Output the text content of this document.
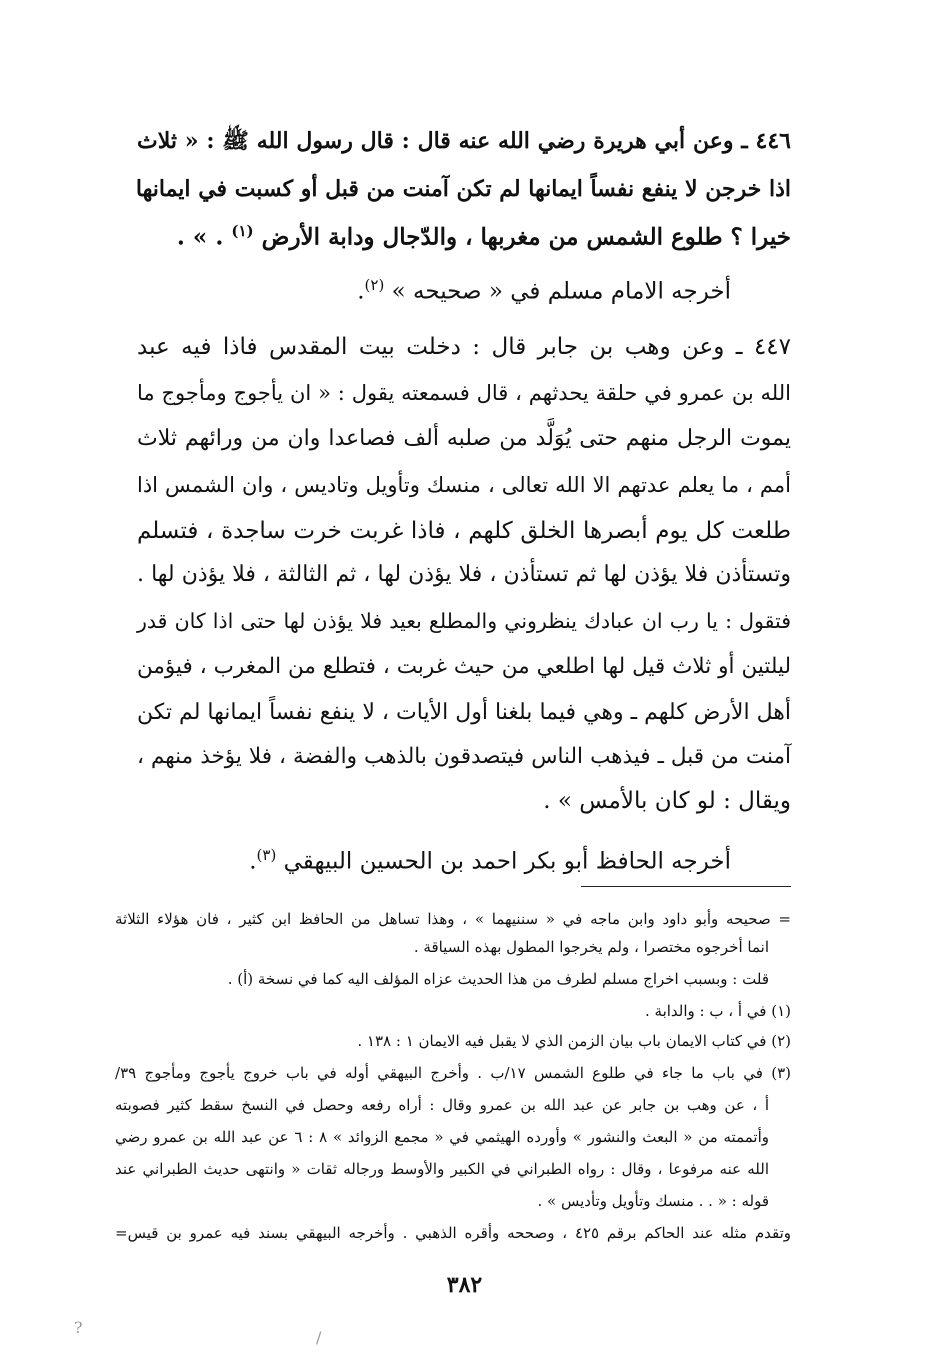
٤٤٦ ـ وعن أبي هريرة رضي الله عنه قال : قال رسول الله ﷺ : « ثلاث
اذا خرجن لا ينفع نفساً ايمانها لم تكن آمنت من قبل أو كسبت في ايمانها
خيرا ؟ طلوع الشمس من مغربها ، والدّجال ودابة الأرض $^{(١)}$ . » .
أخرجه الامام مسلم في « صحيحه » $^{(٢)}$.
٤٤٧ ـ وعن وهب بن جابر قال : دخلت بيت المقدس فاذا فيه عبد
الله بن عمرو في حلقة يحدثهم ، قال فسمعته يقول : « ان يأجوج ومأجوج ما
يموت الرجل منهم حتى يُوَلَّد من صلبه ألف فصاعدا وان من ورائهم ثلاث
أمم ، ما يعلم عدتهم الا الله تعالى ، منسك وتأويل وتاديس ، وان الشمس اذا
طلعت كل يوم أبصرها الخلق كلهم ، فاذا غربت خرت ساجدة ، فتسلم
وتستأذن فلا يؤذن لها ثم تستأذن ، فلا يؤذن لها ، ثم الثالثة ، فلا يؤذن لها .
فتقول : يا رب ان عبادك ينظروني والمطلع بعيد فلا يؤذن لها حتى اذا كان قدر
ليلتين أو ثلاث قيل لها اطلعي من حيث غربت ، فتطلع من المغرب ، فيؤمن
أهل الأرض كلهم ـ وهي فيما بلغنا أول الأيات ، لا ينفع نفساً ايمانها لم تكن
آمنت من قبل ـ فيذهب الناس فيتصدقون بالذهب والفضة ، فلا يؤخذ منهم ،
ويقال : لو كان بالأمس » .
أخرجه الحافظ أبو بكر احمد بن الحسين البيهقي $^{(٣)}$.
= صحيحه وأبو داود وابن ماجه في « سننيهما » ، وهذا تساهل من الحافظ ابن كثير ، فان هؤلاء الثلاثة
انما أخرجوه مختصرا ، ولم يخرجوا المطول بهذه السياقة .
قلت : وبسبب اخراج مسلم لطرف من هذا الحديث عزاه المؤلف اليه كما في نسخة (أ) .
(١) في أ ، ب : والدابة .
(٢) في كتاب الايمان باب بيان الزمن الذي لا يقبل فيه الايمان ١ : ١٣٨ .
(٣) في باب ما جاء في طلوع الشمس ١٧/ب . وأخرج البيهقي أوله في باب خروج يأجوج ومأجوج ٣٩/
أ ، عن وهب بن جابر عن عبد الله بن عمرو وقال : أراه رفعه وحصل في النسخ سقط كثير فصوبته
وأتممته من « البعث والنشور » وأورده الهيثمي في « مجمع الزوائد » ٨ : ٦ عن عبد الله بن عمرو رضي
الله عنه مرفوعا ، وقال : رواه الطبراني في الكبير والأوسط ورجاله ثقات « وانتهى حديث الطبراني عند
قوله : « . . منسك وتأويل وتأديس » .
وتقدم مثله عند الحاكم برقم ٤٢٥ ، وصححه وأقره الذهبي . وأخرجه البيهقي بسند فيه عمرو بن قيس=
٣٨٢
?
/
